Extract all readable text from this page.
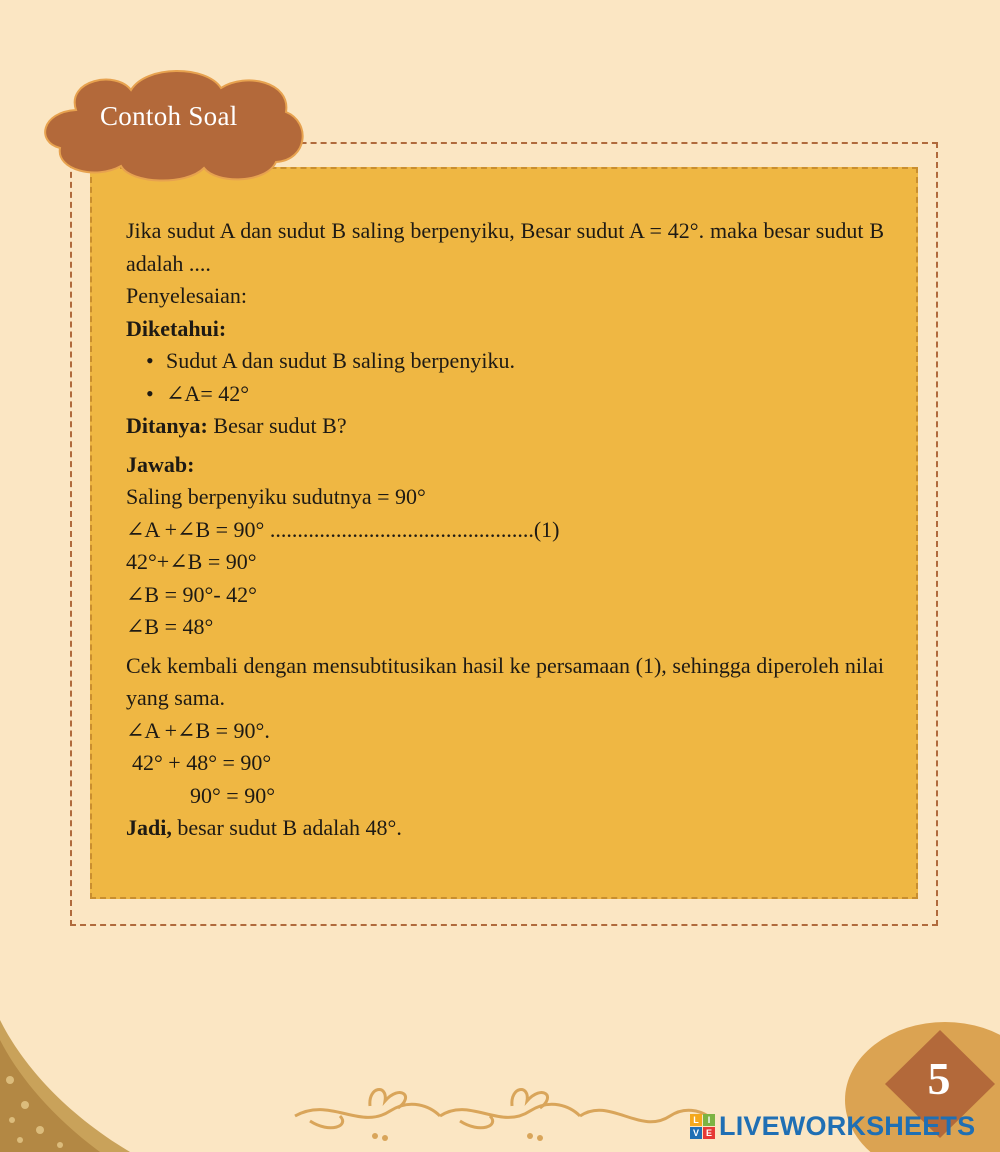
Contoh Soal

Jika sudut A dan sudut B saling berpenyiku, Besar sudut A = 42°. maka besar sudut B adalah ....

Penyelesaian:

Diketahui:

• Sudut A dan sudut B saling berpenyiku.
• ∠A= 42°

Ditanya: Besar sudut B?

Jawab:

Saling berpenyiku sudutnya = 90°

∠A +∠B = 90° ................................................(1)

42°+∠B = 90°

∠B = 90°- 42°

∠B = 48°

Cek kembali dengan mensubtitusikan hasil ke persamaan (1), sehingga diperoleh nilai yang sama.

∠A +∠B = 90°.

42° + 48° = 90°

90° = 90°

Jadi, besar sudut B adalah 48°.

5
L I
V E LIVEWORKSHEETS
